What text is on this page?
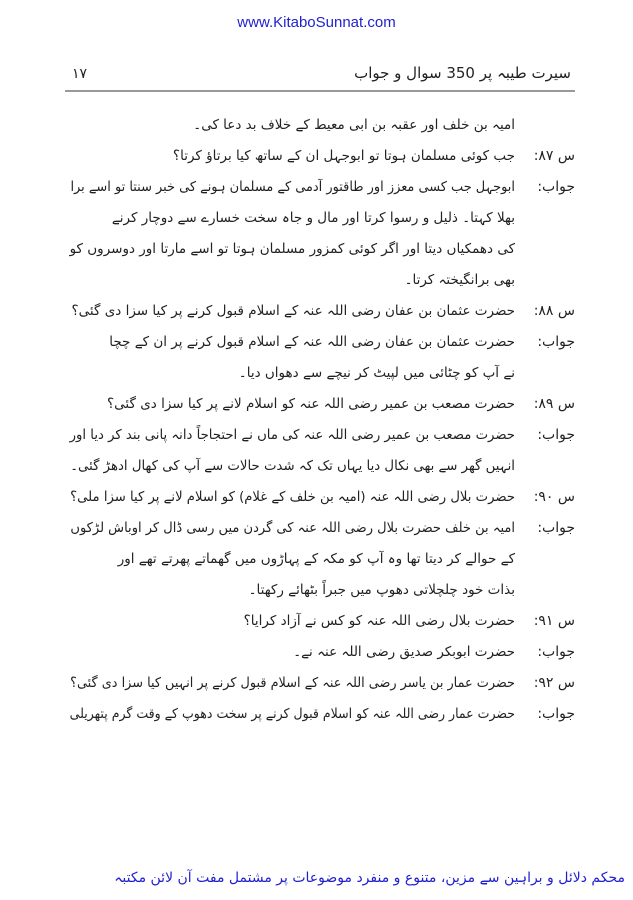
www.KitaboSunnat.com
۱۷	سیرت طیبہ پر 350 سوال و جواب
امیہ بن خلف اور عقبہ بن ابی معیط کے خلاف بد دعا کی۔
س ۸۷:
جب کوئی مسلمان ہوتا تو ابوجہل ان کے ساتھ کیا برتاؤ کرتا؟
جواب:
ابوجہل جب کسی معزز اور طاقتور آدمی کے مسلمان ہونے کی خبر سنتا تو اسے برا
بھلا کہتا۔ ذلیل و رسوا کرتا اور مال و جاہ سخت خسارے سے دوچار کرنے
کی دھمکیاں دیتا اور اگر کوئی کمزور مسلمان ہوتا تو اسے مارتا اور دوسروں کو
بھی برانگیختہ کرتا۔
س ۸۸:
حضرت عثمان بن عفان رضی اللہ عنہ کے اسلام قبول کرنے پر کیا سزا دی گئی؟
جواب:
حضرت عثمان بن عفان رضی اللہ عنہ کے اسلام قبول کرنے پر ان کے چچا
نے آپ کو چٹائی میں لپیٹ کر نیچے سے دھواں دیا۔
س ۸۹:
حضرت مصعب بن عمیر رضی اللہ عنہ کو اسلام لانے پر کیا سزا دی گئی؟
جواب:
حضرت مصعب بن عمیر رضی اللہ عنہ کی ماں نے احتجاجاً دانہ پانی بند کر دیا اور
انہیں گھر سے بھی نکال دیا یہاں تک کہ شدت حالات سے آپ کی کھال ادھڑ گئی۔
س ۹۰:
حضرت بلال رضی اللہ عنہ (امیہ بن خلف کے غلام) کو اسلام لانے پر کیا سزا ملی؟
جواب:
امیہ بن خلف حضرت بلال رضی اللہ عنہ کی گردن میں رسی ڈال کر اوباش لڑکوں
کے حوالے کر دیتا تھا وہ آپ کو مکہ کے پہاڑوں میں گھماتے پھرتے تھے اور
بذات خود چلچلاتی دھوپ میں جبراً بٹھائے رکھتا۔
س ۹۱:
حضرت بلال رضی اللہ عنہ کو کس نے آزاد کرایا؟
جواب:
حضرت ابوبکر صدیق رضی اللہ عنہ نے۔
س ۹۲:
حضرت عمار بن یاسر رضی اللہ عنہ کے اسلام قبول کرنے پر انہیں کیا سزا دی گئی؟
جواب:
حضرت عمار رضی اللہ عنہ کو اسلام قبول کرنے پر سخت دھوپ کے وقت گرم پتھریلی
محکم دلائل و براہین سے مزین، متنوع و منفرد موضوعات پر مشتمل مفت آن لائن مکتبہ
